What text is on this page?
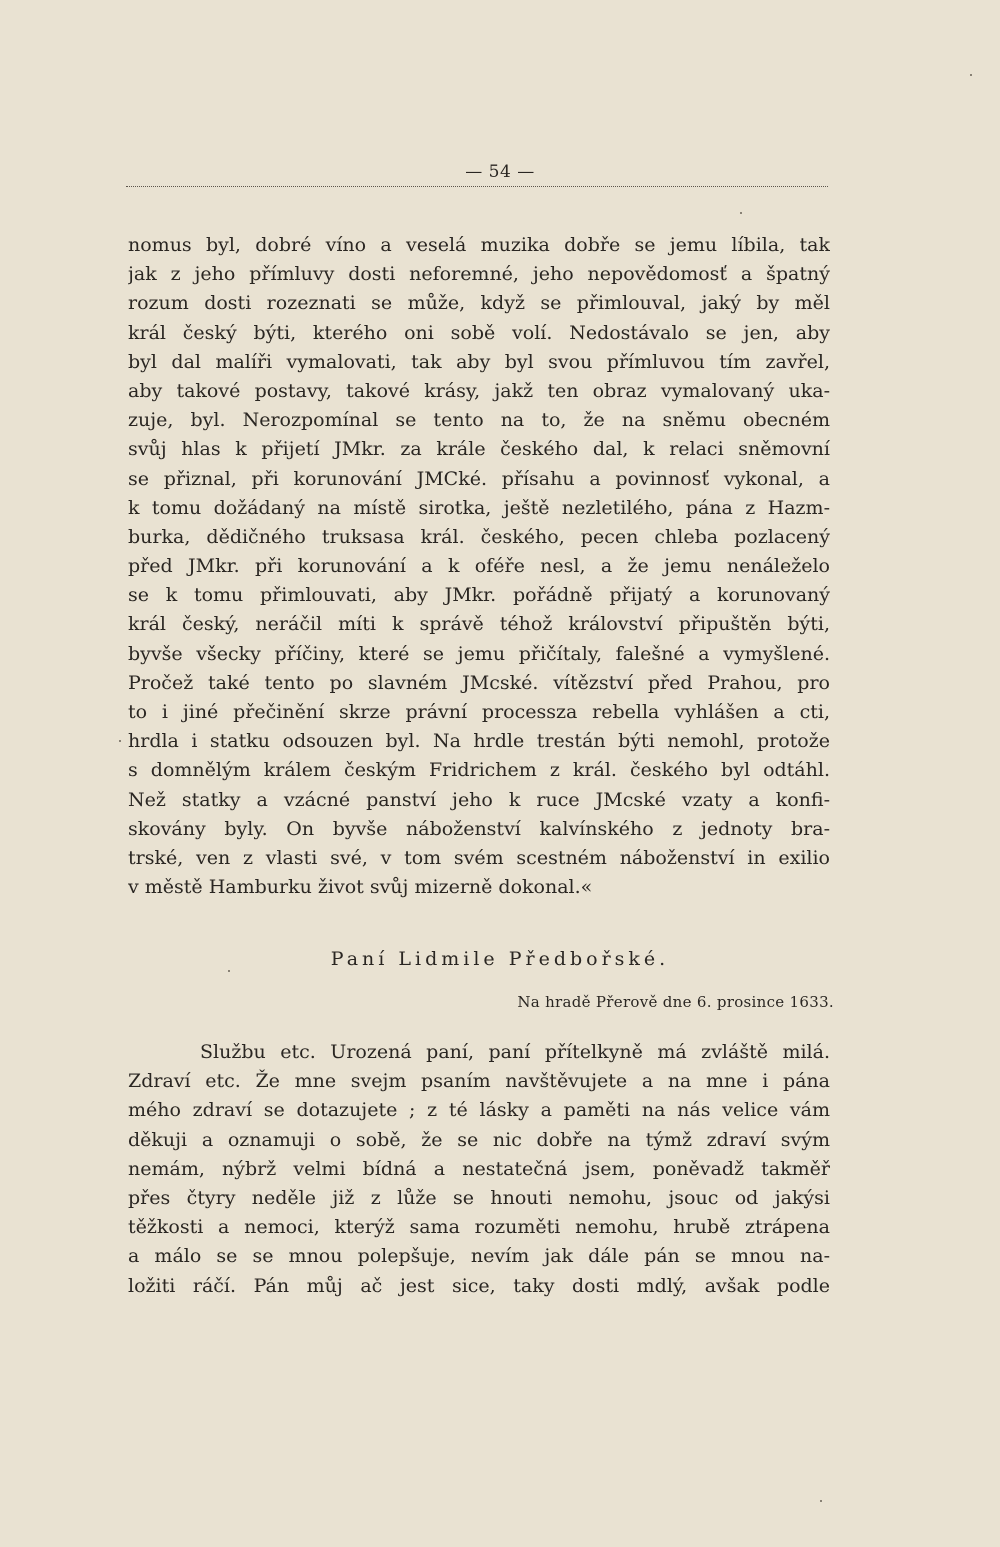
— 54 —
nomus byl, dobré víno a veselá muzika dobře se jemu líbila, tak
jak z jeho přímluvy dosti neforemné, jeho nepovědomosť a špatný
rozum dosti rozeznati se může, když se přimlouval, jaký by měl
král český býti, kterého oni sobě volí. Nedostávalo se jen, aby
byl dal malíři vymalovati, tak aby byl svou přímluvou tím zavřel,
aby takové postavy, takové krásy, jakž ten obraz vymalovaný uka-
zuje, byl. Nerozpomínal se tento na to, že na sněmu obecném
svůj hlas k přijetí JMkr. za krále českého dal, k relaci sněmovní
se přiznal, při korunování JMCké. přísahu a povinnosť vykonal, a
k tomu dožádaný na místě sirotka, ještě nezletilého, pána z Hazm-
burka, dědičného truksasa král. českého, pecen chleba pozlacený
před JMkr. při korunování a k oféře nesl, a že jemu nenáleželo
se k tomu přimlouvati, aby JMkr. pořádně přijatý a korunovaný
král český, neráčil míti k správě téhož království připuštěn býti,
byvše všecky příčiny, které se jemu přičítaly, falešné a vymyšlené.
Pročež také tento po slavném JMcské. vítězství před Prahou, pro
to i jiné přečinění skrze právní processza rebella vyhlášen a cti,
hrdla i statku odsouzen byl. Na hrdle trestán býti nemohl, protože
s domnělým králem českým Fridrichem z král. českého byl odtáhl.
Než statky a vzácné panství jeho k ruce JMcské vzaty a konfi-
skovány byly. On byvše náboženství kalvínského z jednoty bra-
trské, ven z vlasti své, v tom svém scestném náboženství in exilio
v městě Hamburku život svůj mizerně dokonal.«
Paní Lidmile Předbořské.
Na hradě Přerově dne 6. prosince 1633.
Službu etc. Urozená paní, paní přítelkyně má zvláště milá.
Zdraví etc. Že mne svejm psaním navštěvujete a na mne i pána
mého zdraví se dotazujete ; z té lásky a paměti na nás velice vám
děkuji a oznamuji o sobě, že se nic dobře na týmž zdraví svým
nemám, nýbrž velmi bídná a nestatečná jsem, poněvadž takměř
přes čtyry neděle již z lůže se hnouti nemohu, jsouc od jakýsi
těžkosti a nemoci, kterýž sama rozuměti nemohu, hrubě ztrápena
a málo se se mnou polepšuje, nevím jak dále pán se mnou na-
ložiti ráčí. Pán můj ač jest sice, taky dosti mdlý, avšak podle
